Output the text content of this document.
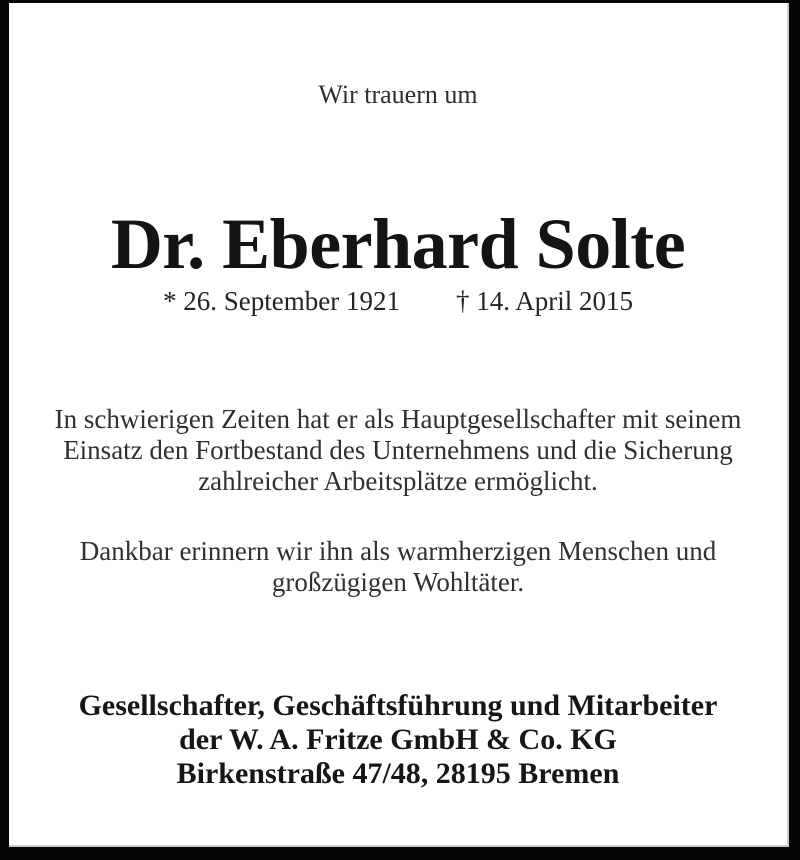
Wir trauern um
Dr. Eberhard Solte
* 26. September 1921 † 14. April 2015
In schwierigen Zeiten hat er als Hauptgesellschafter mit seinem
Einsatz den Fortbestand des Unternehmens und die Sicherung
zahlreicher Arbeitsplätze ermöglicht.
Dankbar erinnern wir ihn als warmherzigen Menschen und
großzügigen Wohltäter.
Gesellschafter, Geschäftsführung und Mitarbeiter
der W. A. Fritze GmbH & Co. KG
Birkenstraße 47/48, 28195 Bremen
